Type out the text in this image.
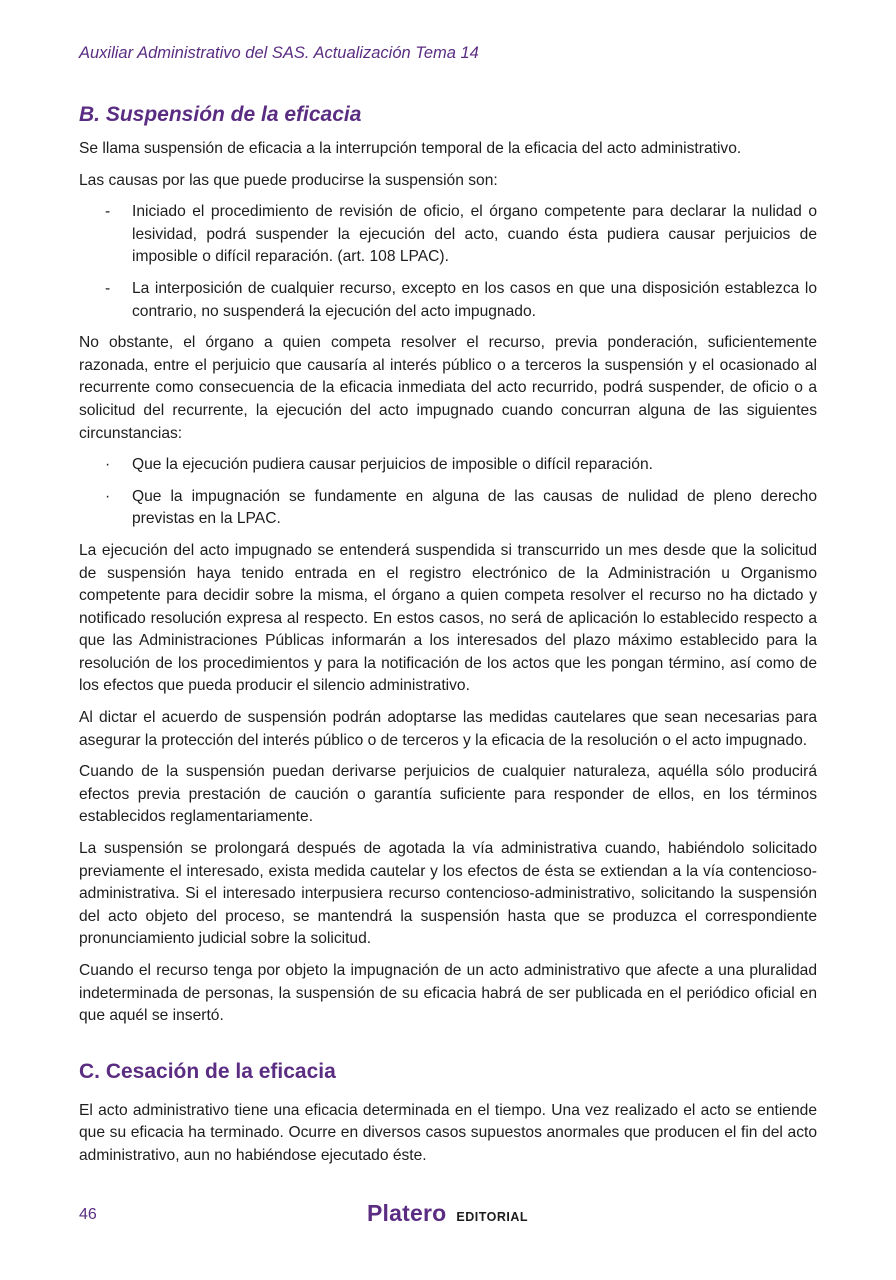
Auxiliar Administrativo del SAS. Actualización Tema 14
B. Suspensión de la eficacia

Se llama suspensión de eficacia a la interrupción temporal de la eficacia del acto administrativo.

Las causas por las que puede producirse la suspensión son:

- Iniciado el procedimiento de revisión de oficio, el órgano competente para declarar la nulidad o lesividad, podrá suspender la ejecución del acto, cuando ésta pudiera causar perjuicios de imposible o difícil reparación. (art. 108 LPAC).
- La interposición de cualquier recurso, excepto en los casos en que una disposición establezca lo contrario, no suspenderá la ejecución del acto impugnado.

No obstante, el órgano a quien competa resolver el recurso, previa ponderación, suficientemente razonada, entre el perjuicio que causaría al interés público o a terceros la suspensión y el ocasionado al recurrente como consecuencia de la eficacia inmediata del acto recurrido, podrá suspender, de oficio o a solicitud del recurrente, la ejecución del acto impugnado cuando concurran alguna de las siguientes circunstancias:

· Que la ejecución pudiera causar perjuicios de imposible o difícil reparación.
· Que la impugnación se fundamente en alguna de las causas de nulidad de pleno derecho previstas en la LPAC.

La ejecución del acto impugnado se entenderá suspendida si transcurrido un mes desde que la solicitud de suspensión haya tenido entrada en el registro electrónico de la Administración u Organismo competente para decidir sobre la misma, el órgano a quien competa resolver el recurso no ha dictado y notificado resolución expresa al respecto. En estos casos, no será de aplicación lo establecido respecto a que las Administraciones Públicas informarán a los interesados del plazo máximo establecido para la resolución de los procedimientos y para la notificación de los actos que les pongan término, así como de los efectos que pueda producir el silencio administrativo.

Al dictar el acuerdo de suspensión podrán adoptarse las medidas cautelares que sean necesarias para asegurar la protección del interés público o de terceros y la eficacia de la resolución o el acto impugnado.

Cuando de la suspensión puedan derivarse perjuicios de cualquier naturaleza, aquélla sólo producirá efectos previa prestación de caución o garantía suficiente para responder de ellos, en los términos establecidos reglamentariamente.

La suspensión se prolongará después de agotada la vía administrativa cuando, habiéndolo solicitado previamente el interesado, exista medida cautelar y los efectos de ésta se extiendan a la vía contencioso-administrativa. Si el interesado interpusiera recurso contencioso-administrativo, solicitando la suspensión del acto objeto del proceso, se mantendrá la suspensión hasta que se produzca el correspondiente pronunciamiento judicial sobre la solicitud.

Cuando el recurso tenga por objeto la impugnación de un acto administrativo que afecte a una pluralidad indeterminada de personas, la suspensión de su eficacia habrá de ser publicada en el periódico oficial en que aquél se insertó.

C. Cesación de la eficacia

El acto administrativo tiene una eficacia determinada en el tiempo. Una vez realizado el acto se entiende que su eficacia ha terminado. Ocurre en diversos casos supuestos anormales que producen el fin del acto administrativo, aun no habiéndose ejecutado éste.

46	Platero EDITORIAL
